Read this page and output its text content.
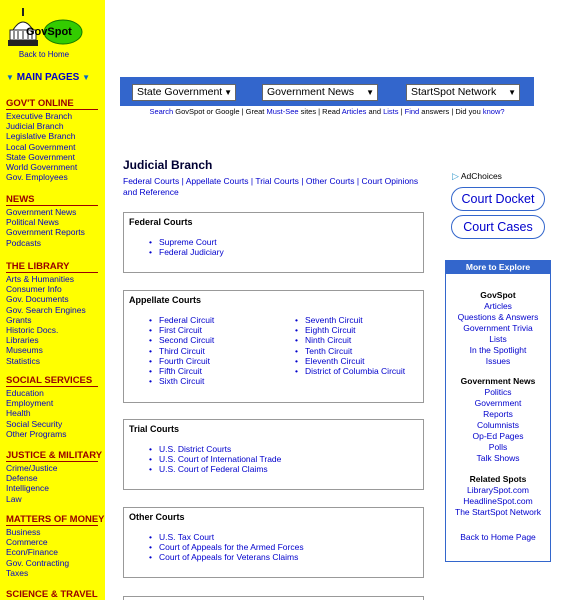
GovSpot
Back to Home
▼ MAIN PAGES ▼
GOV'T ONLINE
Executive Branch
Judicial Branch
Legislative Branch
Local Government
State Government
World Government
Gov. Employees
NEWS
Government News
Political News
Government Reports
Podcasts
THE LIBRARY
Arts & Humanities
Consumer Info
Gov. Documents
Gov. Search Engines
Grants
Historic Docs.
Libraries
Museums
Statistics
SOCIAL SERVICES
Education
Employment
Health
Social Security
Other Programs
JUSTICE & MILITARY
Crime/Justice
Defense
Intelligence
Law
MATTERS OF MONEY
Business
Commerce
Econ/Finance
Gov. Contracting
Taxes
SCIENCE & TRAVEL
State Government ▼	Government News ▼	StartSpot Network ▼
Search GovSpot or Google | Great Must-See sites | Read Articles and Lists | Find answers | Did you know?
Judicial Branch
Federal Courts | Appellate Courts | Trial Courts | Other Courts | Court Opinions and Reference
Federal Courts
• Supreme Court
• Federal Judiciary
Appellate Courts
• Federal Circuit
• First Circuit
• Second Circuit
• Third Circuit
• Fourth Circuit
• Fifth Circuit
• Sixth Circuit
• Seventh Circuit
• Eighth Circuit
• Ninth Circuit
• Tenth Circuit
• Eleventh Circuit
• District of Columbia Circuit
Trial Courts
• U.S. District Courts
• U.S. Court of International Trade
• U.S. Court of Federal Claims
Other Courts
• U.S. Tax Court
• Court of Appeals for the Armed Forces
• Court of Appeals for Veterans Claims
▷ AdChoices
Court Docket
Court Cases
More to Explore
GovSpot
Articles
Questions & Answers
Government Trivia
Lists
In the Spotlight
Issues
Government News
Politics
Government
Reports
Columnists
Op-Ed Pages
Polls
Talk Shows
Related Spots
LibrarySpot.com
HeadlineSpot.com
The StartSpot Network
Back to Home Page
